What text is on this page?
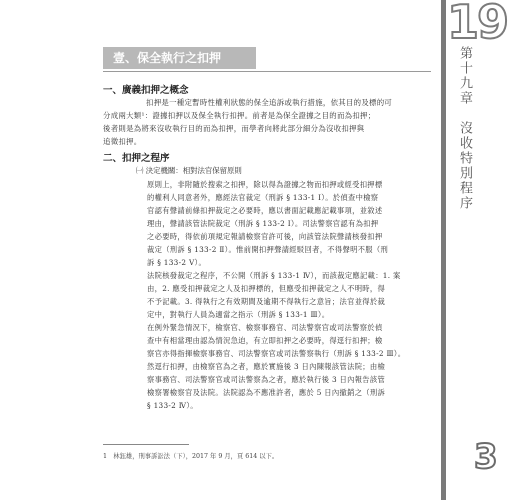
19
第十九章　沒收特別程序
壹、保全執行之扣押
一、廣義扣押之概念
扣押是一種定暫時性權利狀態的保全追訴或執行措施，依其目的及標的可
分成兩大類¹：證據扣押以及保全執行扣押。前者是為保全證據之目的而為扣押；
後者則是為將來沒收執行目的而為扣押，而學者向將此部分細分為沒收扣押與
追徵扣押。
二、扣押之程序
㈠ 決定機關：相對法官保留原則
原則上，非附隨於搜索之扣押，除以得為證據之物而扣押或經受扣押標
的權利人同意者外，應經法官裁定（刑訴 § 133-1 Ⅰ）。於偵查中檢察
官認有聲請前條扣押裁定之必要時，應以書面記載應記載事項，並敘述
理由，聲請該管法院裁定（刑訴 § 133-2 Ⅰ）。司法警察官認有為扣押
之必要時，得依前項規定報請檢察官許可後，向該管法院聲請核發扣押
裁定（刑訴 § 133-2 Ⅱ）。惟前開扣押聲請經駁回者，不得聲明不服（刑
訴 § 133-2 Ⅴ）。
法院核發裁定之程序，不公開（刑訴 § 133-1 Ⅳ），而該裁定應記載：1. 案
由，2. 應受扣押裁定之人及扣押標的，但應受扣押裁定之人不明時，得
不予記載。3. 得執行之有效期間及逾期不得執行之意旨；法官並得於裁
定中，對執行人員為適當之指示（刑訴 § 133-1 Ⅲ）。
在例外緊急情況下，檢察官、檢察事務官、司法警察官或司法警察於偵
查中有相當理由認為情況急迫，有立即扣押之必要時，得逕行扣押；檢
察官亦得指揮檢察事務官、司法警察官或司法警察執行（刑訴 § 133-2 Ⅲ）。
然逕行扣押，由檢察官為之者，應於實施後 3 日內陳報該管法院；由檢
察事務官、司法警察官或司法警察為之者，應於執行後 3 日內報告該管
檢察署檢察官及法院。法院認為不應准許者，應於 5 日內撤銷之（刑訴
§ 133-2 Ⅳ）。
1　林鈺雄，刑事訴訟法（下），2017 年 9 月，頁 614 以下。	3
